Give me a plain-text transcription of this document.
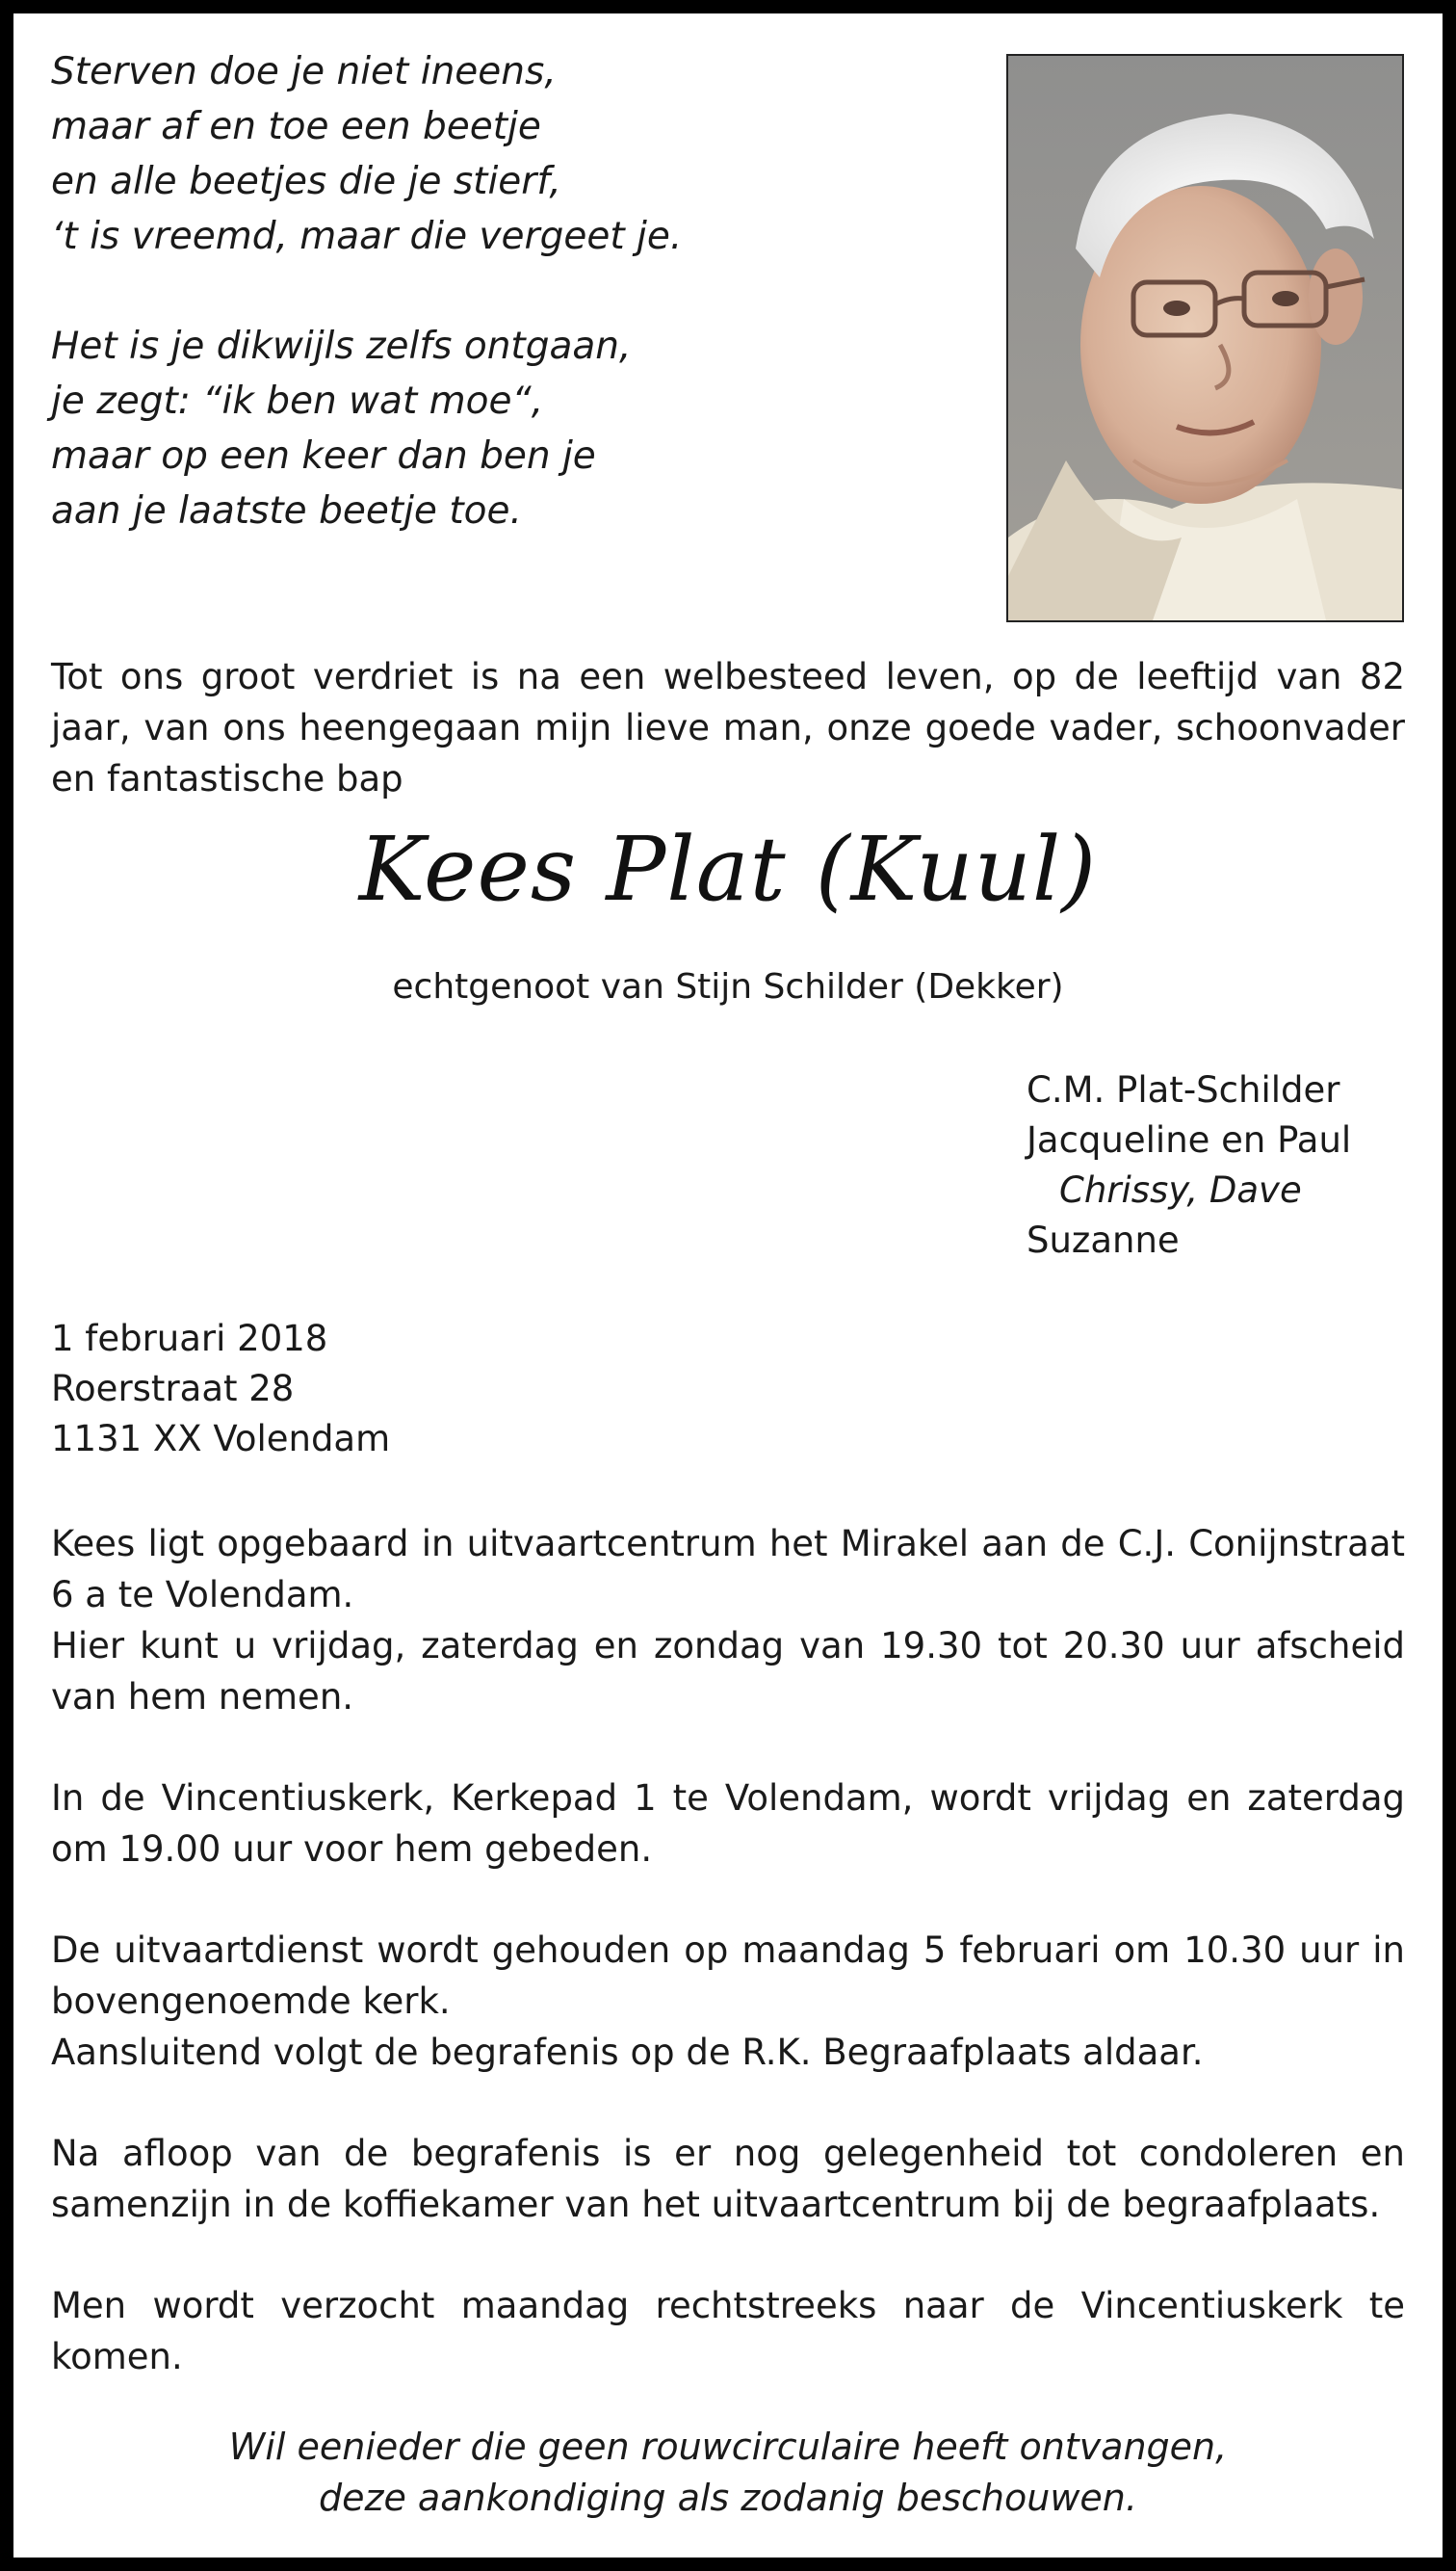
Sterven doe je niet ineens,
maar af en toe een beetje
en alle beetjes die je stierf,
‘t is vreemd, maar die vergeet je.
Het is je dikwijls zelfs ontgaan,
je zegt: “ik ben wat moe“,
maar op een keer dan ben je
aan je laatste beetje toe.
Tot ons groot verdriet is na een welbesteed leven, op de leeftijd van 82 jaar, van ons heengegaan mijn lieve man, onze goede vader, schoonvader en fantastische bap
Kees Plat (Kuul)
echtgenoot van Stijn Schilder (Dekker)
C.M. Plat-Schilder
Jacqueline en Paul
Chrissy, Dave
Suzanne
1 februari 2018
Roerstraat 28
1131 XX Volendam

Kees ligt opgebaard in uitvaartcentrum het Mirakel aan de C.J. Conijnstraat 6 a te Volendam.
Hier kunt u vrijdag, zaterdag en zondag van 19.30 tot 20.30 uur afscheid van hem nemen.

In de Vincentiuskerk, Kerkepad 1 te Volendam, wordt vrijdag en zaterdag om 19.00 uur voor hem gebeden.

De uitvaartdienst wordt gehouden op maandag 5 februari om 10.30 uur in bovengenoemde kerk.
Aansluitend volgt de begrafenis op de R.K. Begraafplaats aldaar.

Na afloop van de begrafenis is er nog gelegenheid tot condoleren en samenzijn in de koffiekamer van het uitvaartcentrum bij de begraafplaats.

Men wordt verzocht maandag rechtstreeks naar de Vincentiuskerk te komen.

Wil eenieder die geen rouwcirculaire heeft ontvangen,
deze aankondiging als zodanig beschouwen.
